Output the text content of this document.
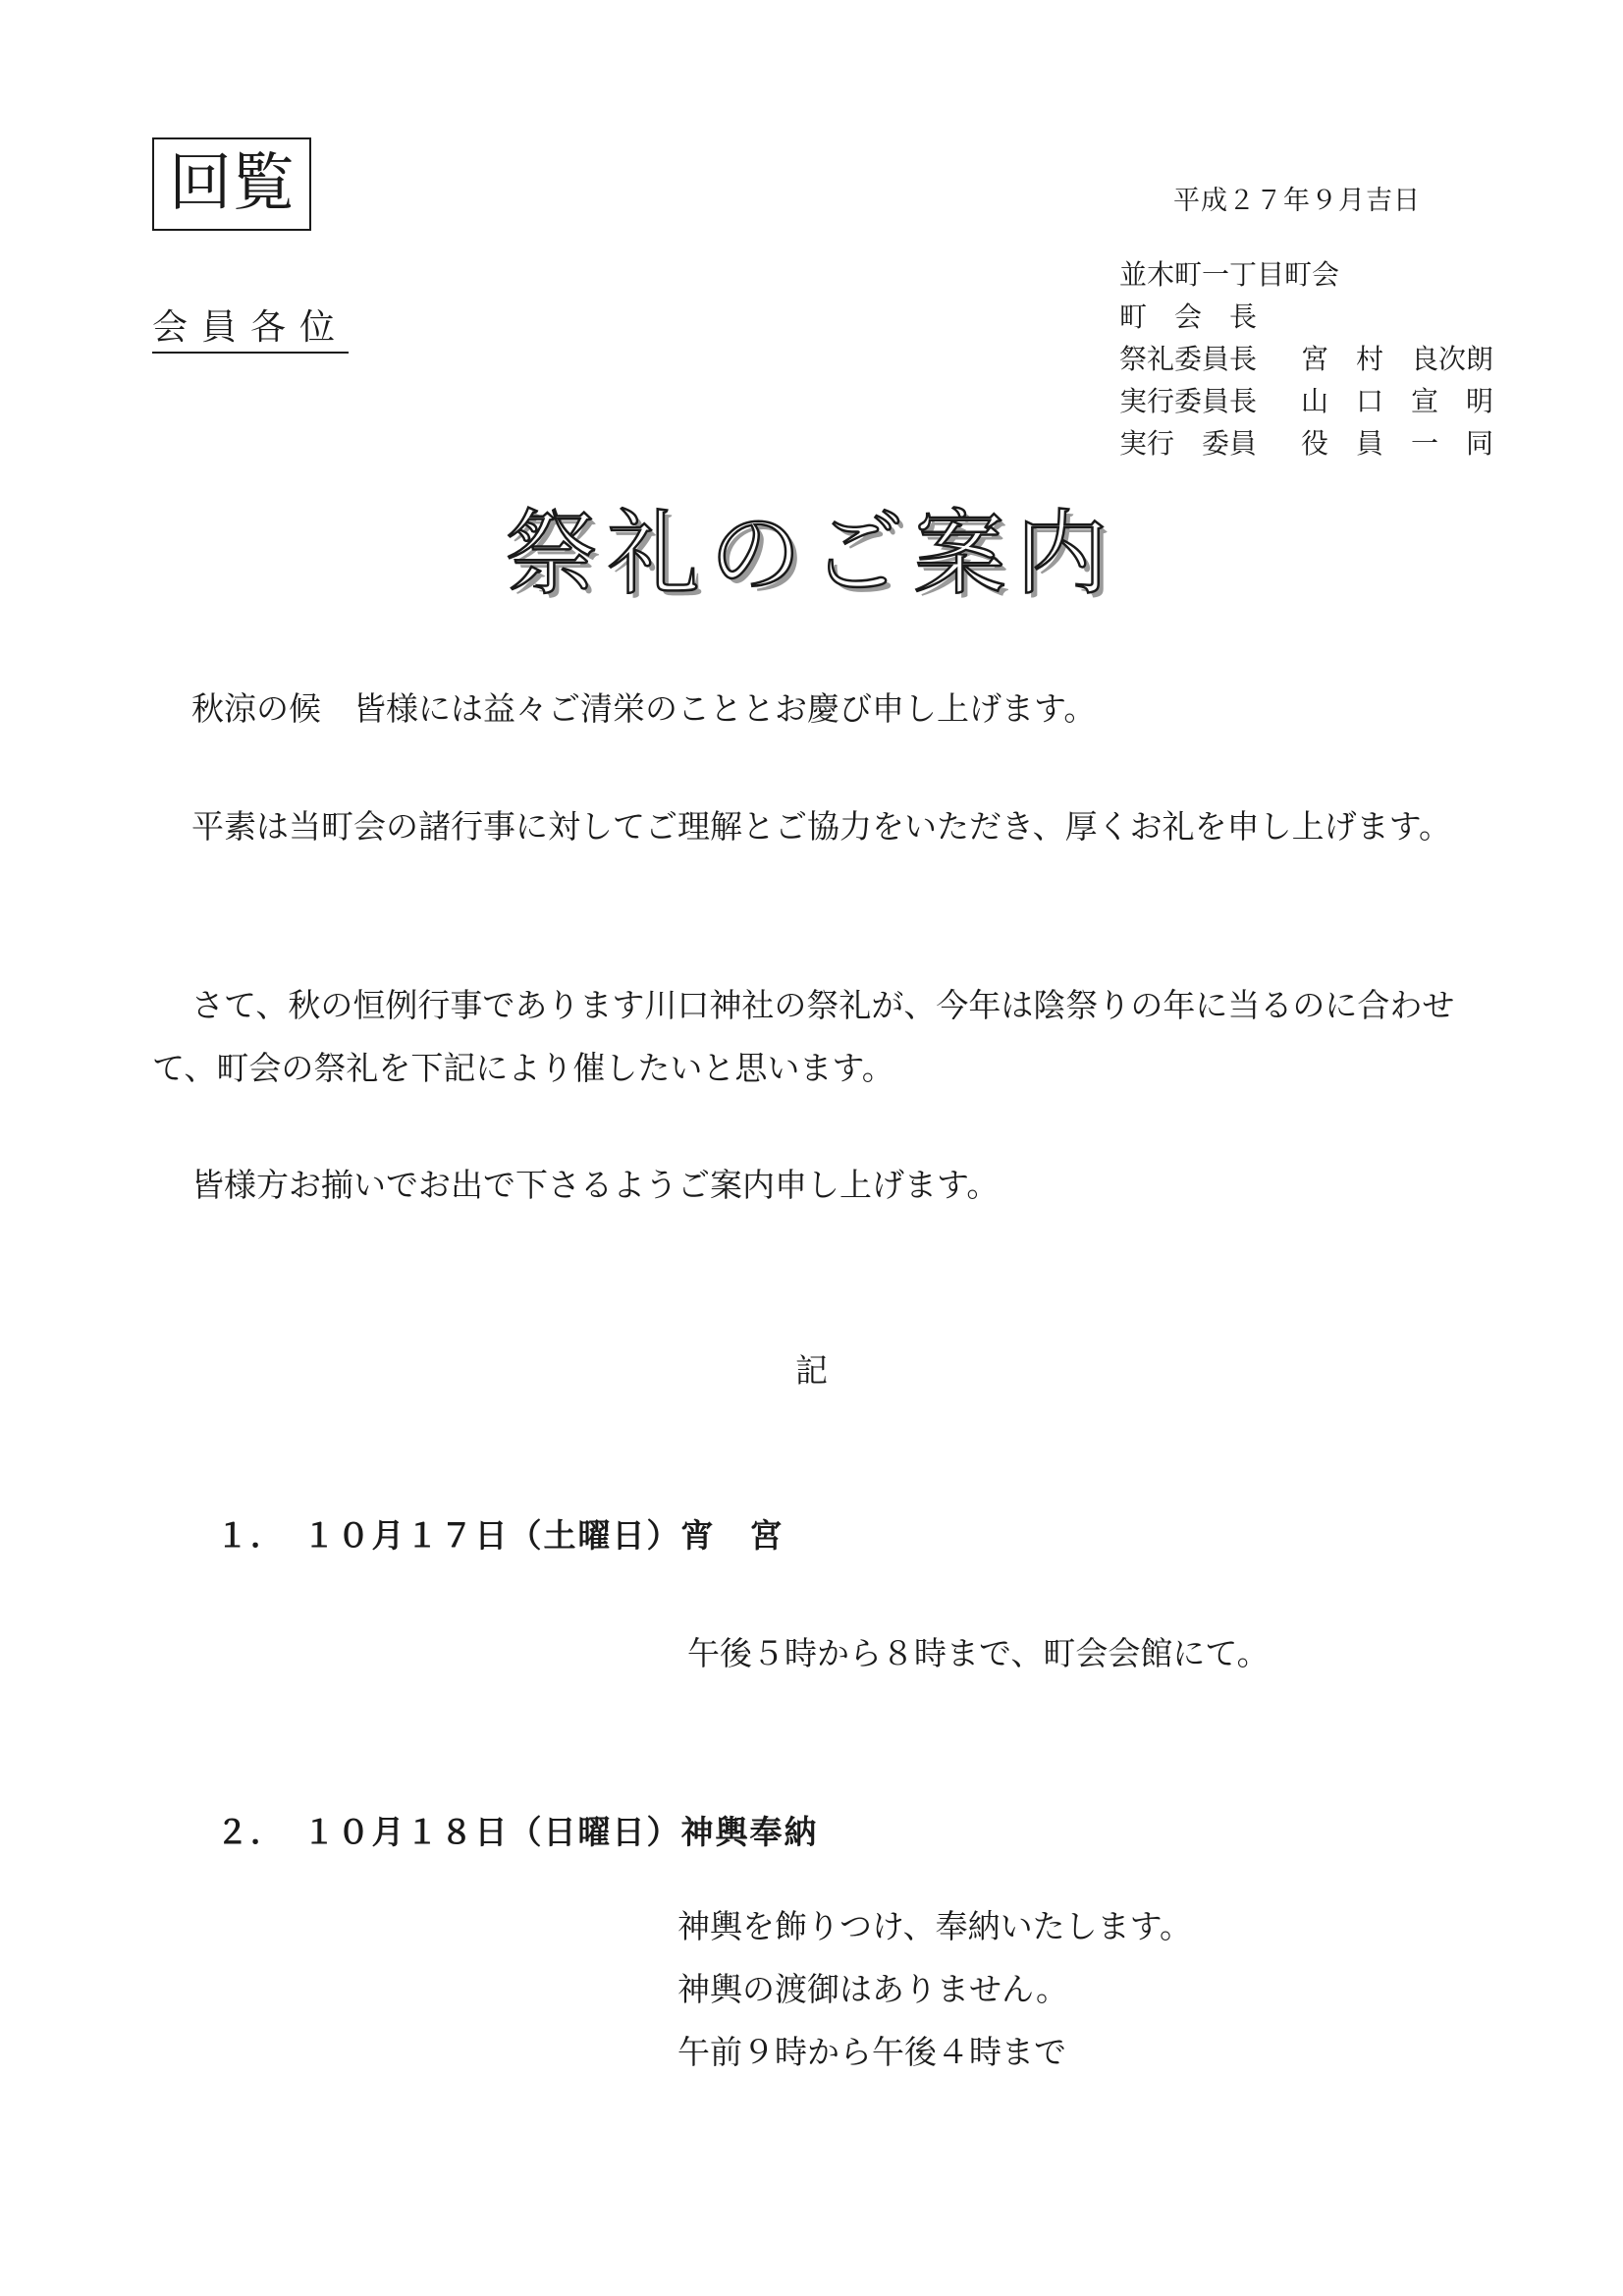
回覧	平成２７年９月吉日
会員各位
並木町一丁目町会
町　会　長
祭礼委員長 宮　村　良次朗
実行委員長 山　口　宣　明
実行　委員 役　員　一　同
祭礼のご案内
秋涼の候　皆様には益々ご清栄のこととお慶び申し上げます。
平素は当町会の諸行事に対してご理解とご協力をいただき、厚くお礼を申し上げます。
さて、秋の恒例行事であります川口神社の祭礼が、今年は陰祭りの年に当るのに合わせて、町会の祭礼を下記により催したいと思います。
皆様方お揃いでお出で下さるようご案内申し上げます。
記
１．　１０月１７日（土曜日）宵　宮
午後５時から８時まで、町会会館にて。
２．　１０月１８日（日曜日）神輿奉納
神輿を飾りつけ、奉納いたします。
神輿の渡御はありません。
午前９時から午後４時まで
